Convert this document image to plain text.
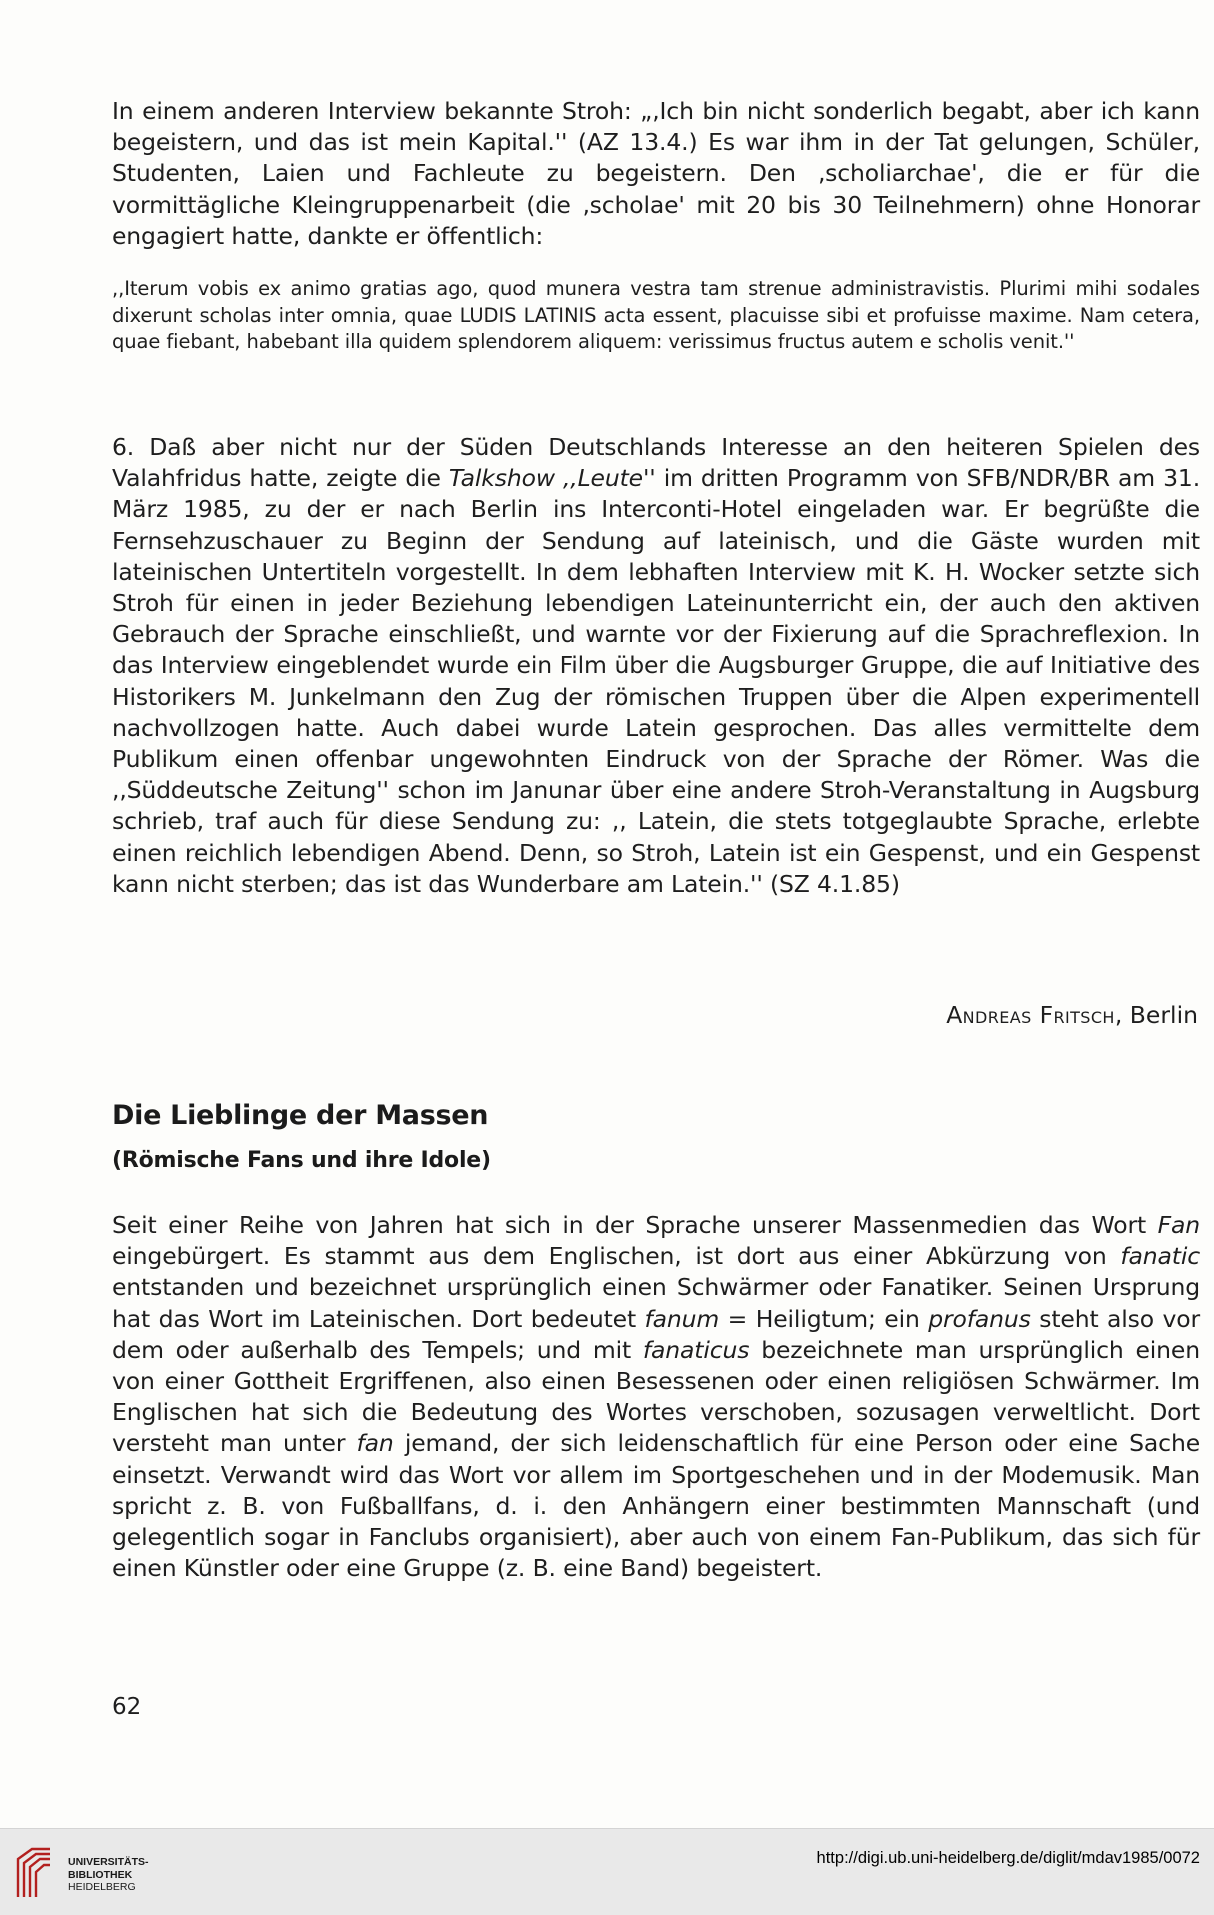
In einem anderen Interview bekannte Stroh: „,Ich bin nicht sonderlich begabt, aber ich kann begeistern, und das ist mein Kapital.'' (AZ 13.4.) Es war ihm in der Tat gelungen, Schüler, Studenten, Laien und Fachleute zu begeistern. Den ‚scholiarchae', die er für die vormittägliche Kleingruppenarbeit (die ‚scholae' mit 20 bis 30 Teilnehmern) ohne Honorar engagiert hatte, dankte er öffentlich:

,,Iterum vobis ex animo gratias ago, quod munera vestra tam strenue administravistis. Plurimi mihi sodales dixerunt scholas inter omnia, quae LUDIS LATINIS acta essent, placuisse sibi et profuisse maxime. Nam cetera, quae fiebant, habebant illa quidem splendorem aliquem: verissimus fructus autem e scholis venit.''

6. Daß aber nicht nur der Süden Deutschlands Interesse an den heiteren Spielen des Valahfridus hatte, zeigte die Talkshow ,,Leute'' im dritten Programm von SFB/NDR/BR am 31. März 1985, zu der er nach Berlin ins Interconti-Hotel eingeladen war. Er begrüßte die Fernsehzuschauer zu Beginn der Sendung auf lateinisch, und die Gäste wurden mit lateinischen Untertiteln vorgestellt. In dem lebhaften Interview mit K. H. Wocker setzte sich Stroh für einen in jeder Beziehung lebendigen Lateinunterricht ein, der auch den aktiven Gebrauch der Sprache einschließt, und warnte vor der Fixierung auf die Sprachreflexion. In das Interview eingeblendet wurde ein Film über die Augsburger Gruppe, die auf Initiative des Historikers M. Junkelmann den Zug der römischen Truppen über die Alpen experimentell nachvollzogen hatte. Auch dabei wurde Latein gesprochen. Das alles vermittelte dem Publikum einen offenbar ungewohnten Eindruck von der Sprache der Römer. Was die ,,Süddeutsche Zeitung'' schon im Janunar über eine andere Stroh-Veranstaltung in Augsburg schrieb, traf auch für diese Sendung zu: ,, Latein, die stets totgeglaubte Sprache, erlebte einen reichlich lebendigen Abend. Denn, so Stroh, Latein ist ein Gespenst, und ein Gespenst kann nicht sterben; das ist das Wunderbare am Latein.'' (SZ 4.1.85)

Andreas Fritsch, Berlin
Die Lieblinge der Massen
(Römische Fans und ihre Idole)

Seit einer Reihe von Jahren hat sich in der Sprache unserer Massenmedien das Wort Fan eingebürgert. Es stammt aus dem Englischen, ist dort aus einer Abkürzung von fanatic entstanden und bezeichnet ursprünglich einen Schwärmer oder Fanatiker. Seinen Ursprung hat das Wort im Lateinischen. Dort bedeutet fanum = Heiligtum; ein profanus steht also vor dem oder außerhalb des Tempels; und mit fanaticus bezeichnete man ursprünglich einen von einer Gottheit Ergriffenen, also einen Besessenen oder einen religiösen Schwärmer. Im Englischen hat sich die Bedeutung des Wortes verschoben, sozusagen verweltlicht. Dort versteht man unter fan jemand, der sich leidenschaftlich für eine Person oder eine Sache einsetzt. Verwandt wird das Wort vor allem im Sportgeschehen und in der Modemusik. Man spricht z. B. von Fußballfans, d. i. den Anhängern einer bestimmten Mannschaft (und gelegentlich sogar in Fanclubs organisiert), aber auch von einem Fan-Publikum, das sich für einen Künstler oder eine Gruppe (z. B. eine Band) begeistert.

62
UNIVERSITÄTS-
BIBLIOTHEK
HEIDELBERG
http://digi.ub.uni-heidelberg.de/diglit/mdav1985/0072
